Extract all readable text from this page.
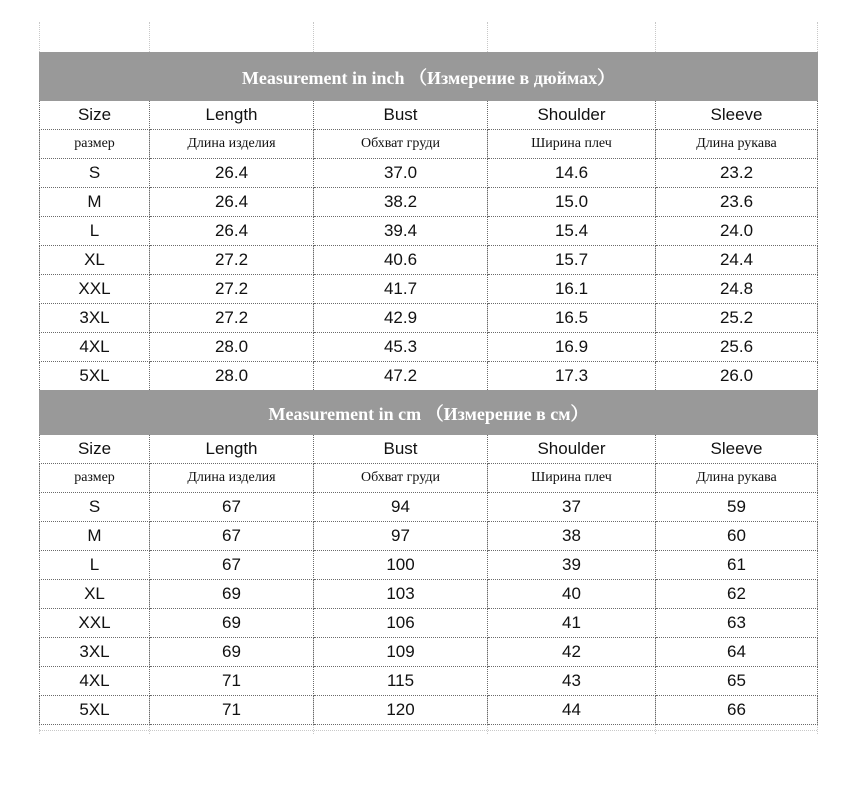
Measurement in inch （Измерение в дюймах）				
Size	Length	Bust	Shoulder	Sleeve
размер	Длина изделия	Обхват груди	Ширина плеч	Длина рукава
S	26.4	37.0	14.6	23.2
M	26.4	38.2	15.0	23.6
L	26.4	39.4	15.4	24.0
XL	27.2	40.6	15.7	24.4
XXL	27.2	41.7	16.1	24.8
3XL	27.2	42.9	16.5	25.2
4XL	28.0	45.3	16.9	25.6
5XL	28.0	47.2	17.3	26.0
Measurement in cm （Измерение в см）				
Size	Length	Bust	Shoulder	Sleeve
размер	Длина изделия	Обхват груди	Ширина плеч	Длина рукава
S	67	94	37	59
M	67	97	38	60
L	67	100	39	61
XL	69	103	40	62
XXL	69	106	41	63
3XL	69	109	42	64
4XL	71	115	43	65
5XL	71	120	44	66
